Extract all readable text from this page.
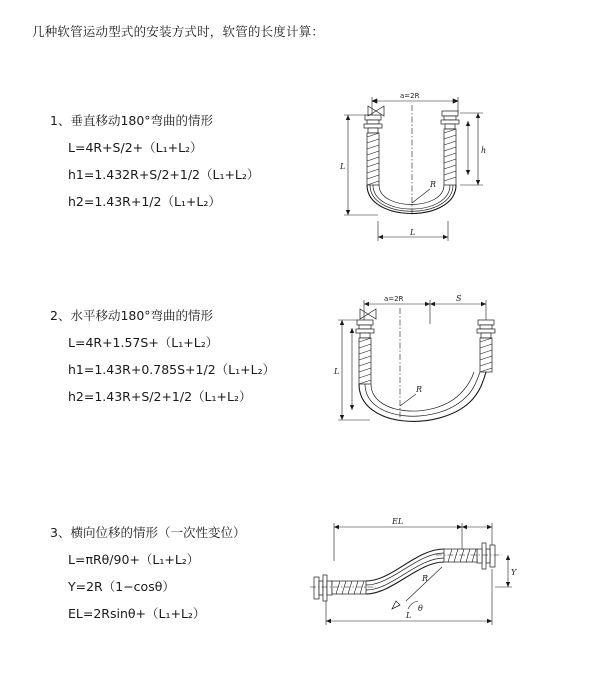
几种软管运动型式的安装方式时，软管的长度计算：
1、垂直移动180°弯曲的情形
L=4R+S/2+（L₁+L₂）
h1=1.432R+S/2+1/2（L₁+L₂）
h2=1.43R+1/2（L₁+L₂）
a=2R
h
L
R
L
2、水平移动180°弯曲的情形
L=4R+1.57S+（L₁+L₂）
h1=1.43R+0.785S+1/2（L₁+L₂）
h2=1.43R+S/2+1/2（L₁+L₂）
a=2R	S
R
L
3、横向位移的情形（一次性变位）
L=πRθ/90+（L₁+L₂）
Y=2R（1−cosθ）
EL=2Rsinθ+（L₁+L₂）
EL
Y
R
θ
L
